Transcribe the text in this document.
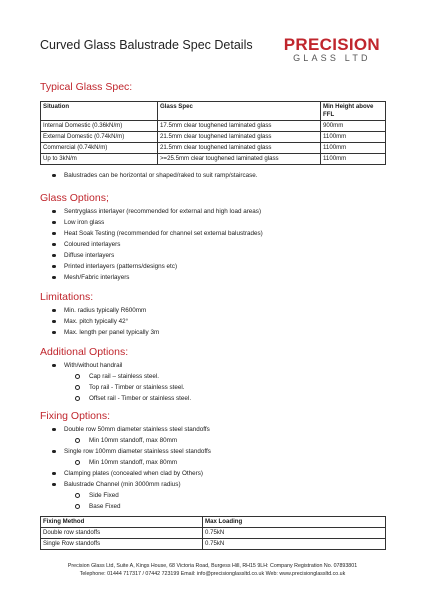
Curved Glass Balustrade Spec Details PRECISION
GLASS LTD
Typical Glass Spec:
Situation	Glass Spec	Min Height above FFL
Internal Domestic (0.36kN/m)	17.5mm clear toughened laminated glass	900mm
External Domestic (0.74kN/m)	21.5mm clear toughened laminated glass	1100mm
Commercial (0.74kN/m)	21.5mm clear toughened laminated glass	1100mm
Up to 3kN/m	>=25.5mm clear toughened laminated glass	1100mm
Balustrades can be horizontal or shaped/raked to suit ramp/staircase.
Glass Options;
Sentryglass interlayer (recommended for external and high load areas)
Low iron glass
Heat Soak Testing (recommended for channel set external balustrades)
Coloured interlayers
Diffuse interlayers
Printed interlayers (patterns/designs etc)
Mesh/Fabric interlayers
Limitations:
Min. radius typically R600mm
Max. pitch typically 42°
Max. length per panel typically 3m
Additional Options:
With/without handrail
Cap rail – stainless steel.
Top rail - Timber or stainless steel.
Offset rail - Timber or stainless steel.
Fixing Options:
Double row 50mm diameter stainless steel standoffs
Min 10mm standoff, max 80mm
Single row 100mm diameter stainless steel standoffs
Min 10mm standoff, max 80mm
Clamping plates (concealed when clad by Others)
Balustrade Channel (min 3000mm radius)
Side Fixed
Base Fixed
Fixing Method	Max Loading
Double row standoffs	0.75kN
Single Row standoffs	0.75kN
Precision Glass Ltd, Suite A, Kings House, 68 Victoria Road, Burgess Hill, RH15 9LH: Company Registration No. 07893801
Telephone: 01444 717317 / 07442 723199 Email: info@precisionglassltd.co.uk Web: www.precisionglassltd.co.uk
